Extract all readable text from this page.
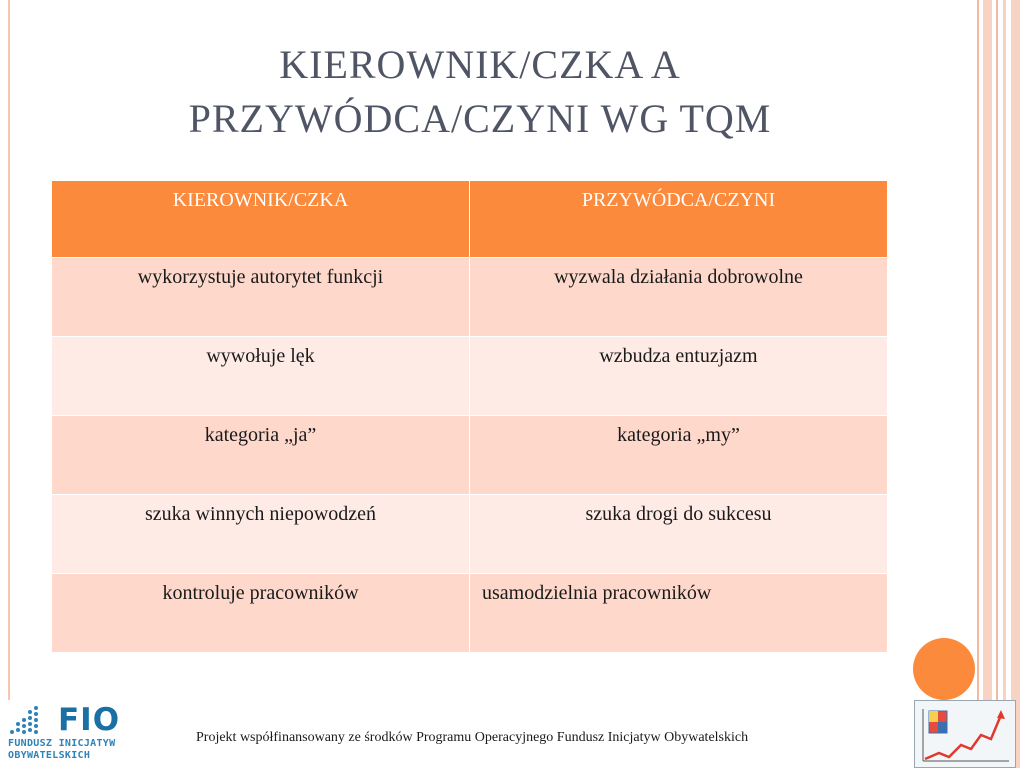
KIEROWNIK/CZKA A
PRZYWÓDCA/CZYNI WG TQM
KIEROWNIK/CZKA	PRZYWÓDCA/CZYNI
wykorzystuje autorytet funkcji	wyzwala działania dobrowolne
wywołuje lęk	wzbudza entuzjazm
kategoria „ja”	kategoria „my”
szuka winnych niepowodzeń	szuka drogi do sukcesu
kontroluje pracowników	usamodzielnia pracowników
FIO
FUNDUSZ INICJATYW
OBYWATELSKICH
Projekt współfinansowany ze środków Programu Operacyjnego Fundusz Inicjatyw Obywatelskich
